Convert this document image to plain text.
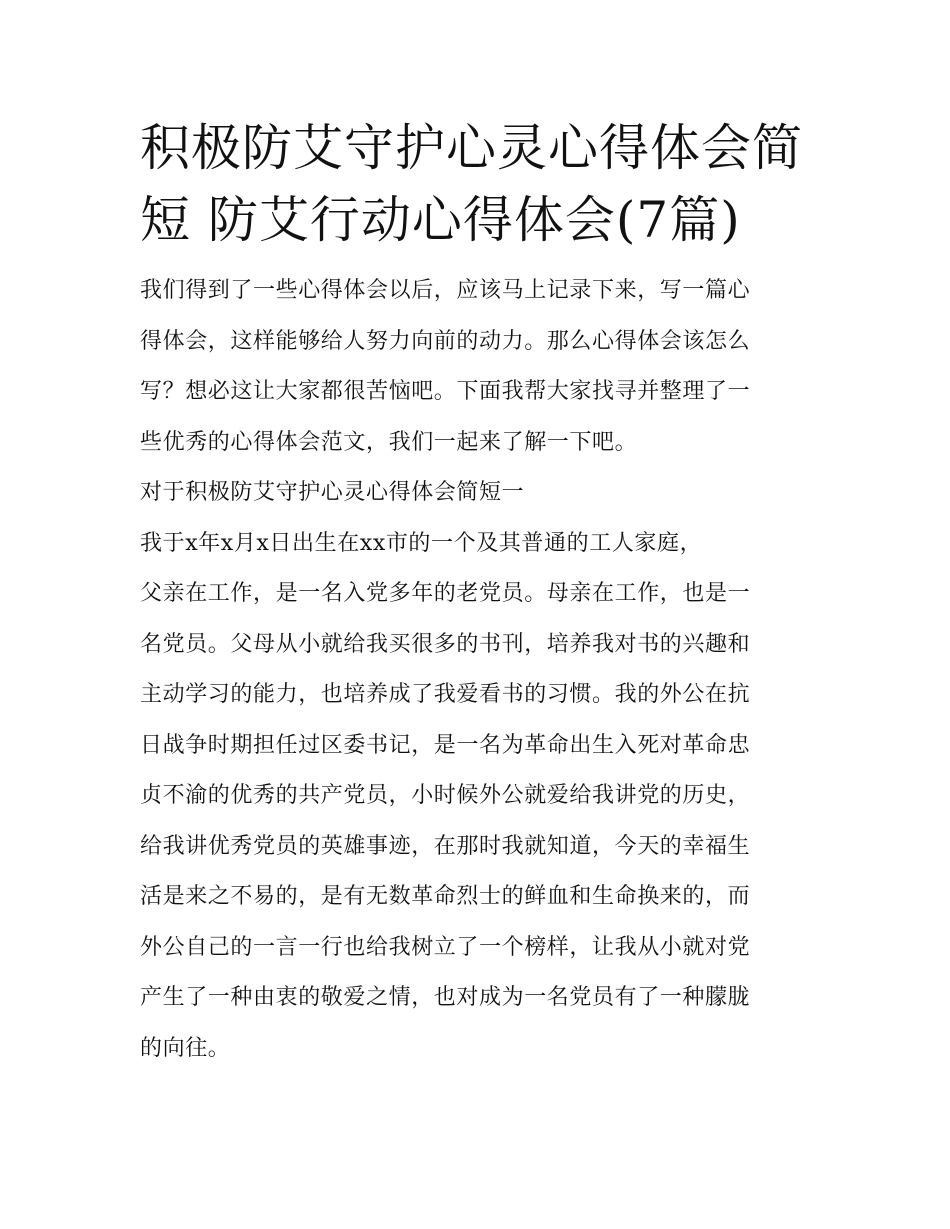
积极防艾守护心灵心得体会简
短 防艾行动心得体会(7篇)
我们得到了一些心得体会以后，应该马上记录下来，写一篇心
得体会，这样能够给人努力向前的动力。那么心得体会该怎么
写？想必这让大家都很苦恼吧。下面我帮大家找寻并整理了一
些优秀的心得体会范文，我们一起来了解一下吧。
对于积极防艾守护心灵心得体会简短一
我于x年x月x日出生在xx市的一个及其普通的工人家庭，
父亲在工作，是一名入党多年的老党员。母亲在工作，也是一
名党员。父母从小就给我买很多的书刊，培养我对书的兴趣和
主动学习的能力，也培养成了我爱看书的习惯。我的外公在抗
日战争时期担任过区委书记，是一名为革命出生入死对革命忠
贞不渝的优秀的共产党员，小时候外公就爱给我讲党的历史，
给我讲优秀党员的英雄事迹，在那时我就知道，今天的幸福生
活是来之不易的，是有无数革命烈士的鲜血和生命换来的，而
外公自己的一言一行也给我树立了一个榜样，让我从小就对党
产生了一种由衷的敬爱之情，也对成为一名党员有了一种朦胧
的向往。
